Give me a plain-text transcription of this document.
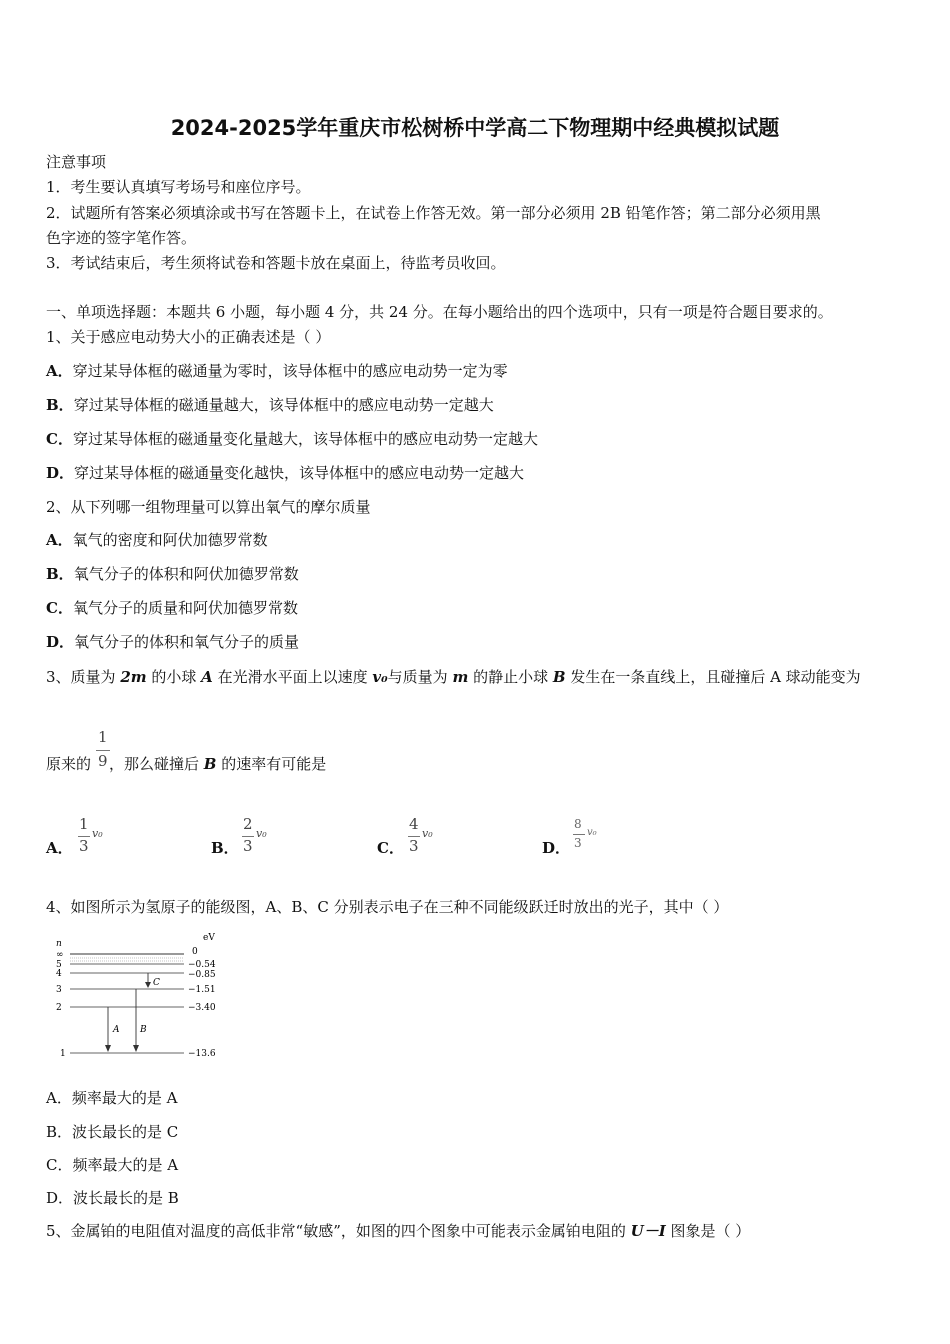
2024-2025学年重庆市松树桥中学高二下物理期中经典模拟试题
注意事项
1．考生要认真填写考场号和座位序号。
2．试题所有答案必须填涂或书写在答题卡上，在试卷上作答无效。第一部分必须用 2B 铅笔作答；第二部分必须用黑
色字迹的签字笔作答。
3．考试结束后，考生须将试卷和答题卡放在桌面上，待监考员收回。
一、单项选择题：本题共 6 小题，每小题 4 分，共 24 分。在每小题给出的四个选项中，只有一项是符合题目要求的。
1、关于感应电动势大小的正确表述是（ ）
A．穿过某导体框的磁通量为零时，该导体框中的感应电动势一定为零
B．穿过某导体框的磁通量越大，该导体框中的感应电动势一定越大
C．穿过某导体框的磁通量变化量越大，该导体框中的感应电动势一定越大
D．穿过某导体框的磁通量变化越快，该导体框中的感应电动势一定越大
2、从下列哪一组物理量可以算出氧气的摩尔质量
A．氧气的密度和阿伏加德罗常数
B．氧气分子的体积和阿伏加德罗常数
C．氧气分子的质量和阿伏加德罗常数
D．氧气分子的体积和氧气分子的质量
3、质量为 2m 的小球 A 在光滑水平面上以速度 v₀与质量为 m 的静止小球 B 发生在一条直线上，且碰撞后 A 球动能变为
1
9
原来的 ，那么碰撞后 B 的速率有可能是
A．
1
3
v₀
B．
2
3
v₀
C．
4
3
v₀
D．
8
3
v₀
4、如图所示为氢原子的能级图，A、B、C 分别表示电子在三种不同能级跃迁时放出的光子，其中（ ）
eV
n
∞
5
4
3
2
1
0
−0.54
−0.85
−1.51
−3.40
−13.6
A B
C
A．频率最大的是 A
B．波长最长的是 C
C．频率最大的是 A
D．波长最长的是 B
5、金属铂的电阻值对温度的高低非常“敏感”，如图的四个图象中可能表示金属铂电阻的 U－I 图象是（ ）
